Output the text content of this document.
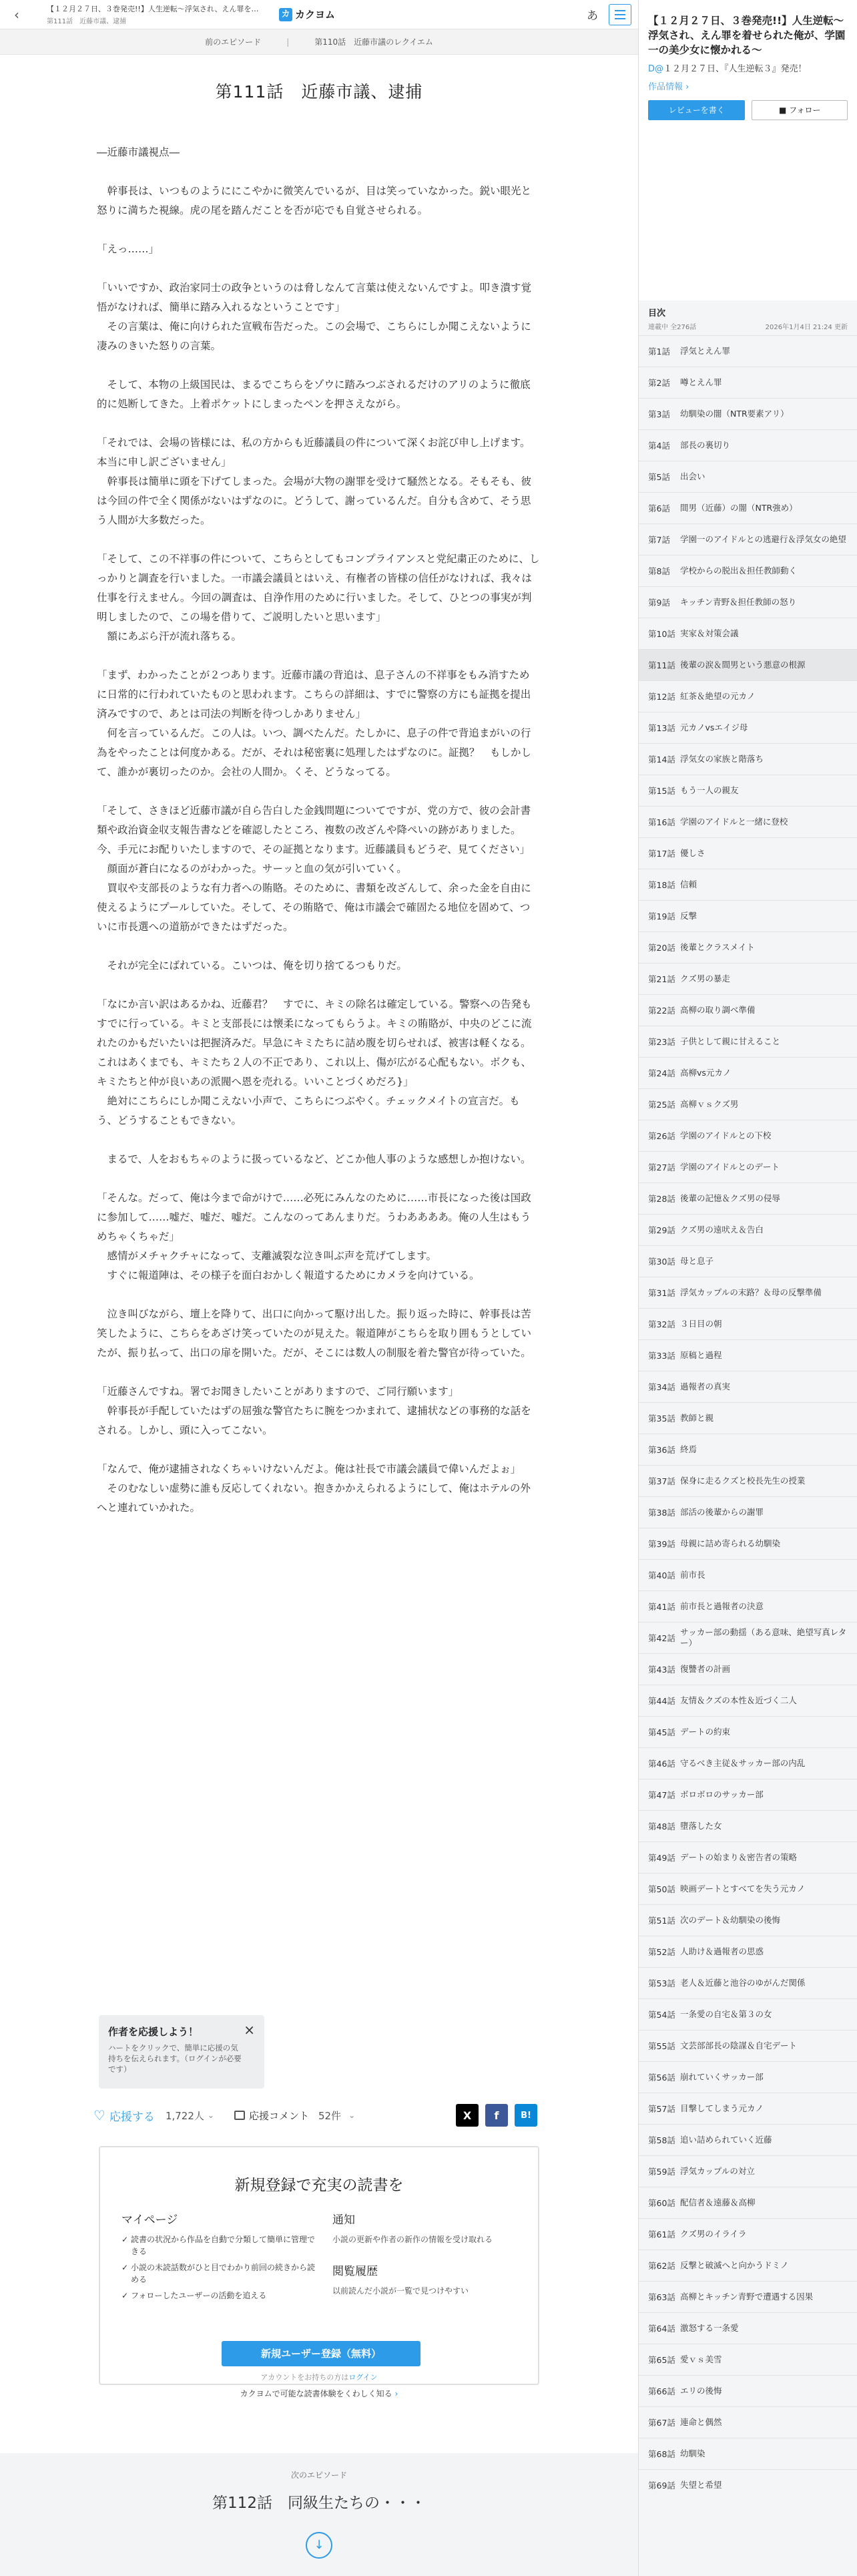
‹	【１２月２７日、３巻発売!!】人生逆転〜浮気され、えん罪を…
第111話　近藤市議、逮捕
カ カクヨム	あ
前のエピソード	|	第110話　近藤市議のレクイエム
第111話　近藤市議、逮捕

―近藤市議視点―

　幹事長は、いつものようににこやかに微笑んでいるが、目は笑っていなかった。鋭い眼光と怒りに満ちた視線。虎の尾を踏んだことを否が応でも自覚させられる。

「えっ……」

「いいですか、政治家同士の政争というのは脅しなんて言葉は使えないんですよ。叩き潰す覚悟がなければ、簡単に踏み入れるなということです」

　その言葉は、俺に向けられた宣戦布告だった。この会場で、こちらにしか聞こえないように凄みのきいた怒りの言葉。

　そして、本物の上級国民は、まるでこちらをゾウに踏みつぶされるだけのアリのように徹底的に処断してきた。上着ポケットにしまったペンを押さえながら。

「それでは、会場の皆様には、私の方からも近藤議員の件について深くお詫び申し上げます。本当に申し訳ございません」

　幹事長は簡単に頭を下げてしまった。会場が大物の謝罪を受けて騒然となる。そもそも、彼は今回の件で全く関係がないはずなのに。どうして、謝っているんだ。自分も含めて、そう思う人間が大多数だった。

「そして、この不祥事の件について、こちらとしてもコンプライアンスと党紀粛正のために、しっかりと調査を行いました。一市議会議員とはいえ、有権者の皆様の信任がなければ、我々は仕事を行えません。今回の調査は、自浄作用のために行いました。そして、ひとつの事実が判明しましたので、この場を借りて、ご説明したいと思います」

　額にあぶら汗が流れ落ちる。

「まず、わかったことが２つあります。近藤市議の背追は、息子さんの不祥事をもみ消すために日常的に行われていたものと思われます。こちらの詳細は、すでに警察の方にも証拠を提出済みですので、あとは司法の判断を待つしかありません」

　何を言っているんだ。この人は。いつ、調べたんだ。たしかに、息子の件で背追まがいの行為をやったことは何度かある。だが、それは秘密裏に処理したはずなのに。証拠？　もしかして、誰かが裏切ったのか。会社の人間か。くそ、どうなってる。

「そして、さきほど近藤市議が自ら告白した金銭問題についてですが、党の方で、彼の会計書類や政治資金収支報告書などを確認したところ、複数の改ざんや降ぺいの跡がありました。今、手元にお配りいたしますので、その証拠となります。近藤議員もどうぞ、見てください」

　顔面が蒼白になるのがわかった。サーッと血の気が引いていく。

　買収や支部長のような有力者への賄賂。そのために、書類を改ざんして、余った金を自由に使えるようにプールしていた。そして、その賄賂で、俺は市議会で確固たる地位を固めて、ついに市長選への道筋ができたはずだった。

　それが完全にばれている。こいつは、俺を切り捨てるつもりだ。

「なにか言い訳はあるかね、近藤君？　すでに、キミの除名は確定している。警察への告発もすでに行っている。キミと支部長には懐柔になってもらうよ。キミの賄賂が、中央のどこに流れたのかもだいたいは把握済みだ。早急にキミたちに詰め腹を切らせれば、被害は軽くなる。これはあくまでも、キミたち２人の不正であり、これ以上、傷が広がる心配もない。ボクも、キミたちと仲が良いあの派閥へ恩を売れる。いいことづくめだろ}」

　絶対にこちらにしか聞こえない小声で、こちらにつぶやく。チェックメイトの宣言だ。もう、どうすることもできない。

　まるで、人をおもちゃのように扱っているなど、どこか他人事のような感想しか抱けない。

「そんな。だって、俺は今まで命がけで……必死にみんなのために……市長になった後は国政に参加して……嘘だ、嘘だ、嘘だ。こんなのってあんまりだ。うわああああ。俺の人生はもうめちゃくちゃだ」

　感情がメチャクチャになって、支離滅裂な泣き叫ぶ声を荒げてします。

　すぐに報道陣は、その様子を面白おかしく報道するためにカメラを向けている。

　泣き叫びながら、壇上を降りて、出口に向かって駆け出した。振り返った時に、幹事長は苦笑したように、こちらをあざけ笑っていたのが見えた。報道陣がこちらを取り囲もうとしていたが、振り払って、出口の扉を開いた。だが、そこには数人の制服を着た警官が待っていた。

「近藤さんですね。署でお聞きしたいことがありますので、ご同行願います」

　幹事長が手配していたはずの屈強な警官たちに腕をつかまれて、逮捕状などの事務的な話をされる。しかし、頭に入ってこない。

「なんで、俺が逮捕されなくちゃいけないんだよ。俺は社長で市議会議員で偉いんだよぉ」

　そのむなしい虚勢に誰も反応してくれない。抱きかかえられるようにして、俺はホテルの外へと連れていかれた。

作者を応援しよう！
ハートをクリックで、簡単に応援の気持ちを伝えられます。（ログインが必要です）
×
♡ 応援する 1,722人 ⌄	応援コメント 52件 ⌄	X	f	B!
新規登録で充実の読書を
マイページ
✓ 読書の状況から作品を自動で分類して簡単に管理できる
✓ 小説の未読話数がひと目でわかり前回の続きから読める
✓ フォローしたユーザーの活動を追える
通知
小説の更新や作者の新作の情報を受け取れる
閲覧履歴
以前読んだ小説が一覧で見つけやすい
新規ユーザー登録（無料）
アカウントをお持ちの方はログイン
カクヨムで可能な読書体験をくわしく知る ›
次のエピソード
第112話　同級生たちの・・・
↓
【１２月２７日、３巻発売!!】人生逆転〜浮気され、えん罪を着せられた俺が、学園一の美少女に懐かれる〜
D@１２月２７日、『人生逆転３』発売！
作品情報 ›
レビューを書く	■ フォロー
目次
連載中 全276話	2026年1月4日 21:24 更新
第1話	浮気とえん罪
第2話	噂とえん罪
第3話	幼馴染の闇（NTR要素アリ）
第4話	部長の裏切り
第5話	出会い
第6話	間男（近藤）の闇（NTR強め）
第7話	学園一のアイドルとの逃避行＆浮気女の絶望
第8話	学校からの脱出＆担任教師動く
第9話	キッチン青野＆担任教師の怒り
第10話 実家＆対策会議
第11話 後輩の涙＆間男という悪意の根源
第12話 紅茶＆絶望の元カノ
第13話 元カノvsエイジ母
第14話 浮気女の家族と階落ち
第15話 もう一人の親友
第16話 学園のアイドルと一緒に登校
第17話 優しさ
第18話 信頼
第19話 反撃
第20話 後輩とクラスメイト
第21話 クズ男の暴走
第22話 高柳の取り調べ準備
第23話 子供として親に甘えること
第24話 高柳vs元カノ
第25話 高柳ｖｓクズ男
第26話 学園のアイドルとの下校
第27話 学園のアイドルとのデート
第28話 後輩の記憶＆クズ男の侵辱
第29話 クズ男の遠吠え＆告白
第30話 母と息子
第31話 浮気カップルの末路？＆母の反撃準備
第32話 ３日目の朝
第33話 原稿と過程
第34話 過報者の真実
第35話 教師と親
第36話 終焉
第37話 保身に走るクズと校長先生の授業
第38話 部活の後輩からの謝罪
第39話 母親に詰め寄られる幼馴染
第40話 前市長
第41話 前市長と過報者の決意
第42話
サッカー部の動揺（ある意味、絶望写真レター）
第43話 復讐者の計画
第44話 友情＆クズの本性＆近づく二人
第45話 デートの約束
第46話 守るべき主従＆サッカー部の内乱
第47話 ボロボロのサッカー部
第48話 墮落した女
第49話 デートの始まり＆密告者の策略
第50話 映画デートとすべてを失う元カノ
第51話 次のデート＆幼馴染の後悔
第52話 人助け＆過報者の思惑
第53話 老人＆近藤と池谷のゆがんだ関係
第54話 一条愛の自宅＆第３の女
第55話 文芸部部長の陰謀＆自宅デート
第56話 崩れていくサッカー部
第57話 目撃してしまう元カノ
第58話 追い詰められていく近藤
第59話 浮気カップルの対立
第60話 配信者＆遠藤＆高柳
第61話 クズ男のイライラ
第62話 反撃と破滅へと向かうドミノ
第63話 高柳とキッチン青野で遭遇する因果
第64話 激怒する一条愛
第65話 愛ｖｓ美雪
第66話 エリの後悔
第67話 連命と偶然
第68話 幼馴染
第69話 失望と希望
